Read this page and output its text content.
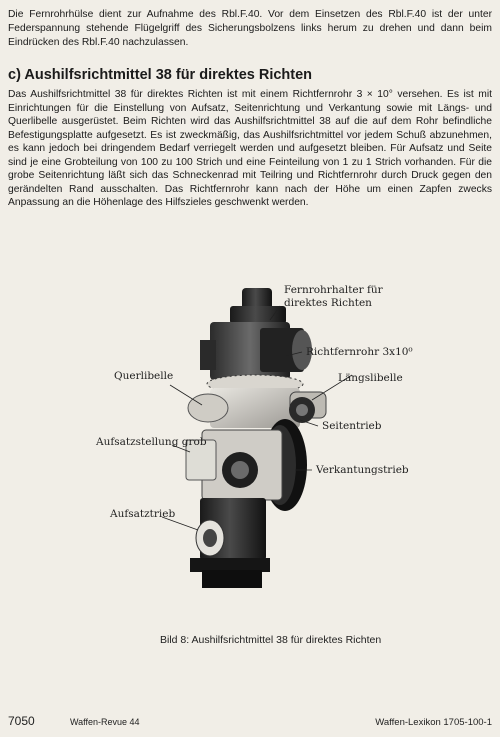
Die Fernrohrhülse dient zur Aufnahme des Rbl.F.40. Vor dem Einsetzen des Rbl.F.40 ist der unter Federspannung stehende Flügelgriff des Sicherungsbolzens links herum zu drehen und dann beim Eindrücken des Rbl.F.40 nachzulassen.

c) Aushilfsrichtmittel 38 für direktes Richten

Das Aushilfsrichtmittel 38 für direktes Richten ist mit einem Richtfernrohr 3 × 10° versehen. Es ist mit Einrichtungen für die Einstellung von Aufsatz, Seitenrichtung und Verkantung sowie mit Längs- und Querlibelle ausgerüstet. Beim Richten wird das Aushilfsrichtmittel 38 auf die auf dem Rohr befindliche Befestigungsplatte aufgesetzt. Es ist zweckmäßig, das Aushilfsrichtmittel vor jedem Schuß abzunehmen, es kann jedoch bei dringendem Bedarf verriegelt werden und aufgesetzt bleiben. Für Aufsatz und Seite sind je eine Grobteilung von 100 zu 100 Strich und eine Feinteilung von 1 zu 1 Strich vorhanden. Für die grobe Seitenrichtung läßt sich das Schneckenrad mit Teilring und Richtfernrohr durch Druck gegen den gerändelten Rand ausschalten. Das Richtfernrohr kann nach der Höhe um einen Zapfen zwecks Anpassung an die Höhenlage des Hilfszieles geschwenkt werden.

Fernrohrhalter für
direktes Richten
Richtfernrohr 3x10⁰
Querlibelle	Längslibelle
Seitentrieb
Aufsatzstellung grob
Verkantungstrieb
Aufsatztrieb
Bild 8: Aushilfsrichtmittel 38 für direktes Richten
7050	Waffen-Revue 44	Waffen-Lexikon 1705-100-1
